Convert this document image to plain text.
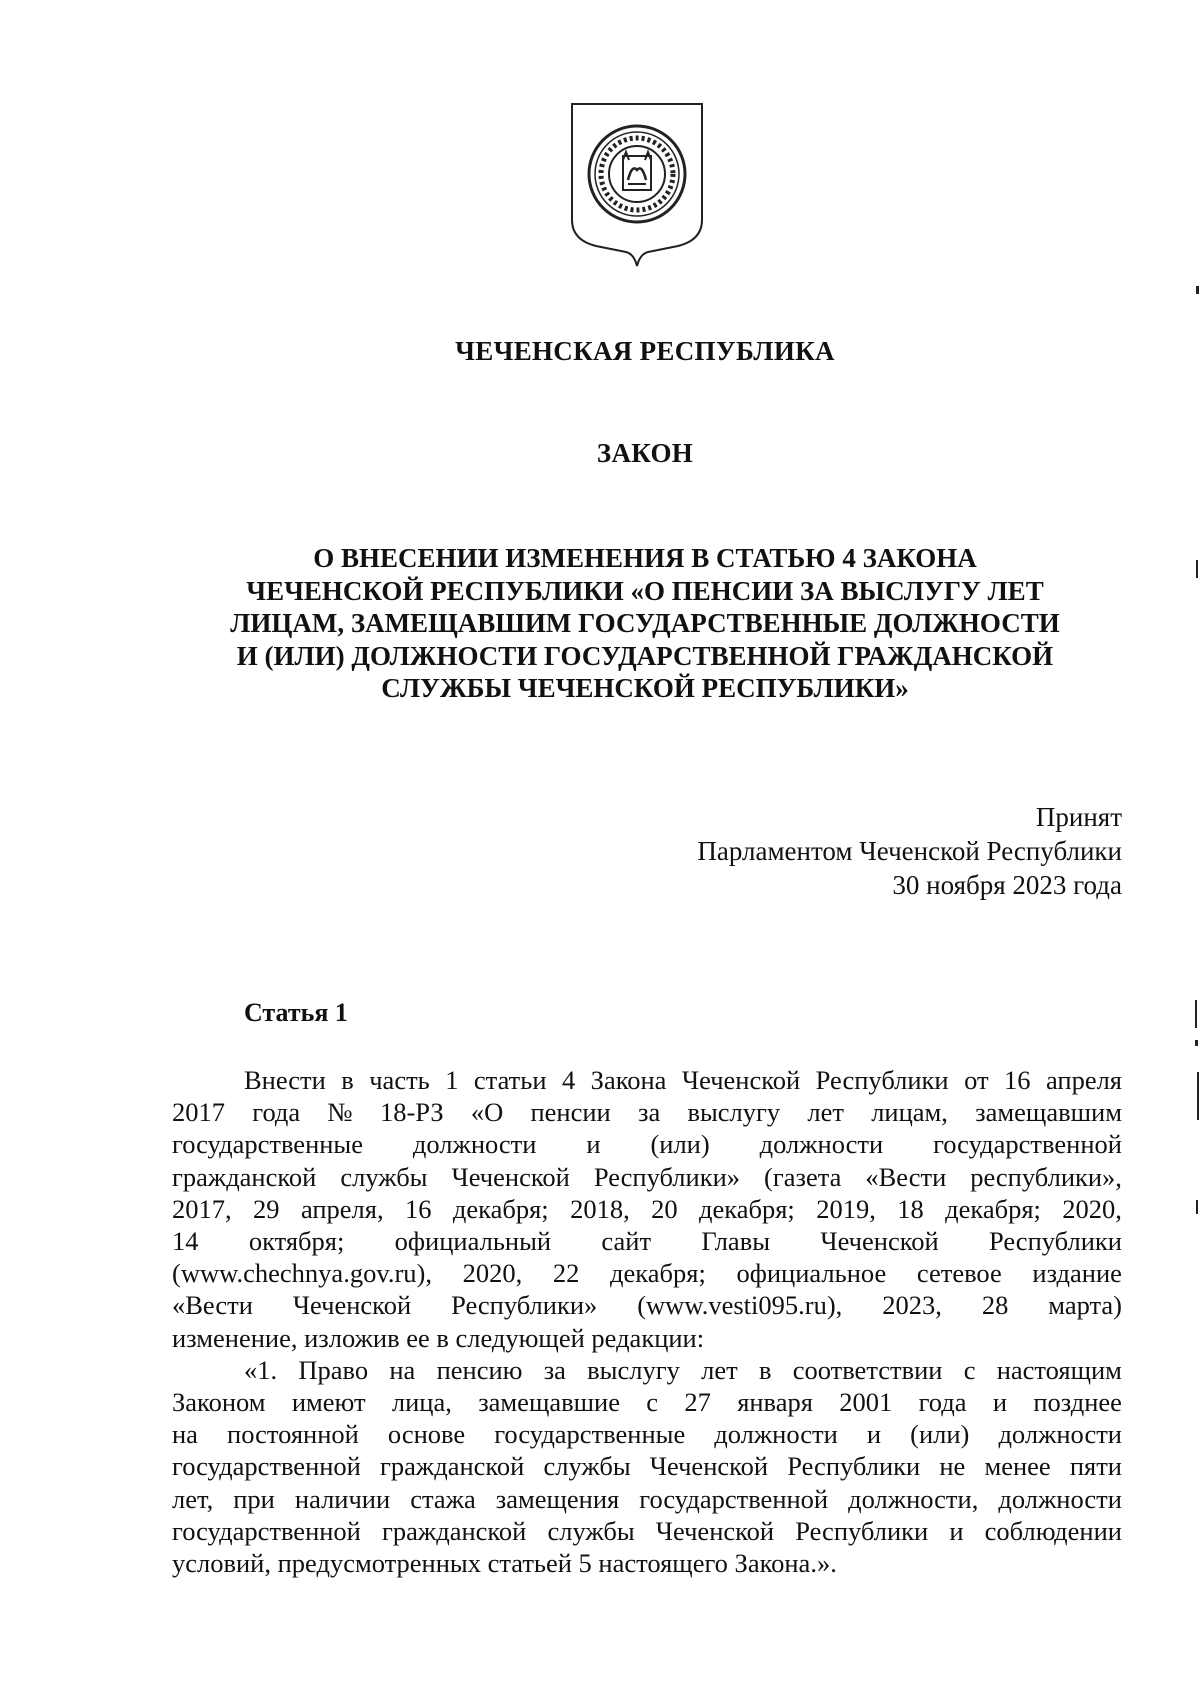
ЧЕЧЕНСКАЯ РЕСПУБЛИКА
ЗАКОН
О ВНЕСЕНИИ ИЗМЕНЕНИЯ В СТАТЬЮ 4 ЗАКОНА
ЧЕЧЕНСКОЙ РЕСПУБЛИКИ «О ПЕНСИИ ЗА ВЫСЛУГУ ЛЕТ
ЛИЦАМ, ЗАМЕЩАВШИМ ГОСУДАРСТВЕННЫЕ ДОЛЖНОСТИ
И (ИЛИ) ДОЛЖНОСТИ ГОСУДАРСТВЕННОЙ ГРАЖДАНСКОЙ
СЛУЖБЫ ЧЕЧЕНСКОЙ РЕСПУБЛИКИ»
Принят
Парламентом Чеченской Республики
30 ноября 2023 года
Статья 1
Внести в часть 1 статьи 4 Закона Чеченской Республики от 16 апреля
2017 года № 18-РЗ «О пенсии за выслугу лет лицам, замещавшим
государственные должности и (или) должности государственной
гражданской службы Чеченской Республики» (газета «Вести республики»,
2017, 29 апреля, 16 декабря; 2018, 20 декабря; 2019, 18 декабря; 2020,
14 октября; официальный сайт Главы Чеченской Республики
(www.chechnya.gov.ru), 2020, 22 декабря; официальное сетевое издание
«Вести Чеченской Республики» (www.vesti095.ru), 2023, 28 марта)
изменение, изложив ее в следующей редакции:
«1. Право на пенсию за выслугу лет в соответствии с настоящим
Законом имеют лица, замещавшие с 27 января 2001 года и позднее
на постоянной основе государственные должности и (или) должности
государственной гражданской службы Чеченской Республики не менее пяти
лет, при наличии стажа замещения государственной должности, должности
государственной гражданской службы Чеченской Республики и соблюдении
условий, предусмотренных статьей 5 настоящего Закона.».
